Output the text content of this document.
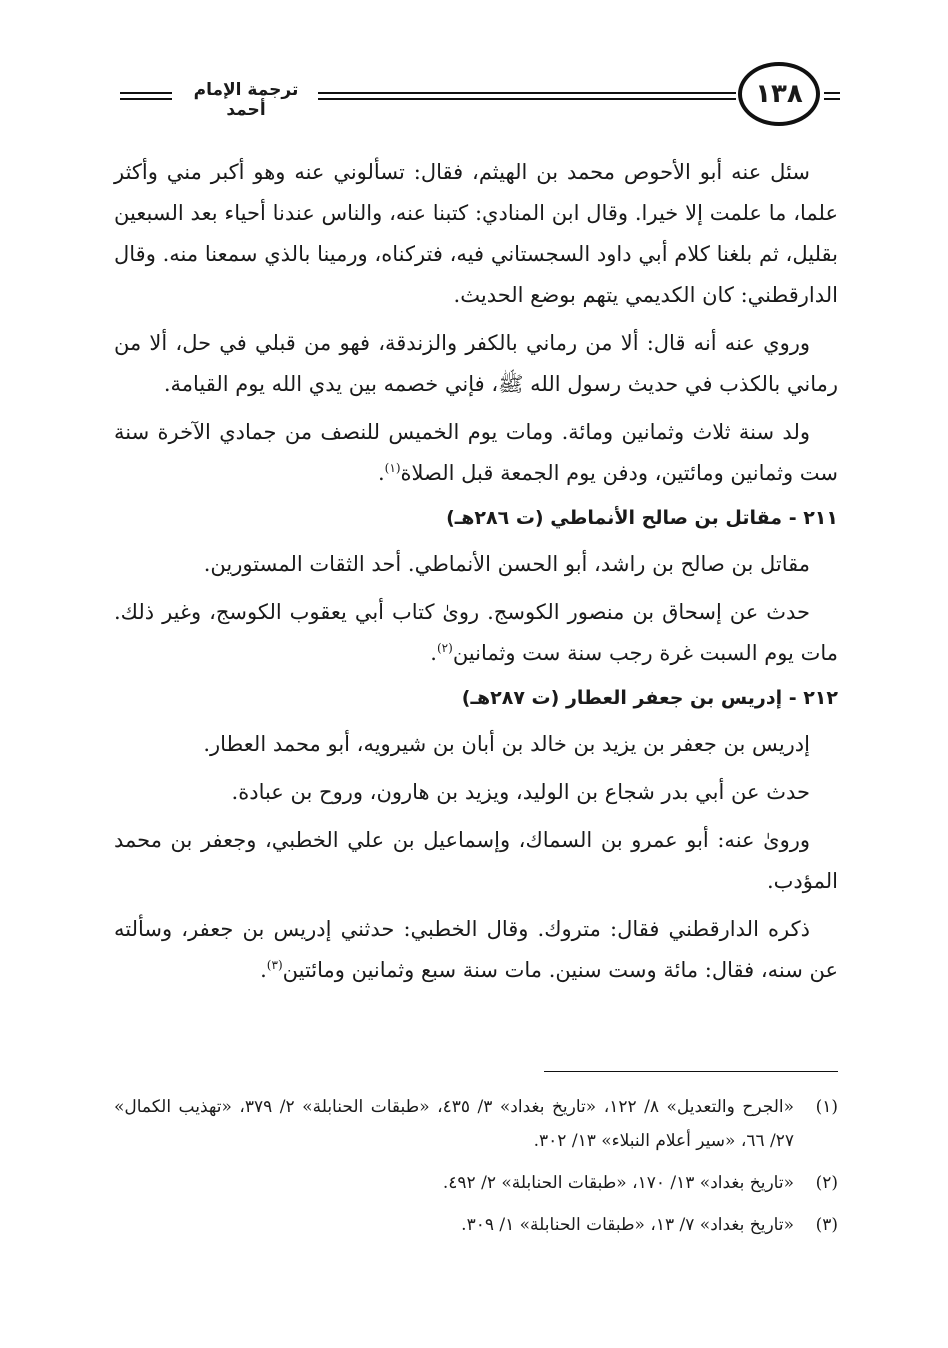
١٣٨
ترجمة الإمام أحمد

سئل عنه أبو الأحوص محمد بن الهيثم، فقال: تسألوني عنه وهو أكبر مني وأكثر علما، ما علمت إلا خيرا. وقال ابن المنادي: كتبنا عنه، والناس عندنا أحياء بعد السبعين بقليل، ثم بلغنا كلام أبي داود السجستاني فيه، فتركناه، ورمينا بالذي سمعنا منه. وقال الدارقطني: كان الكديمي يتهم بوضع الحديث.

وروي عنه أنه قال: ألا من رماني بالكفر والزندقة، فهو من قبلي في حل، ألا من رماني بالكذب في حديث رسول الله ﷺ، فإني خصمه بين يدي الله يوم القيامة.

ولد سنة ثلاث وثمانين ومائة. ومات يوم الخميس للنصف من جمادي الآخرة سنة ست وثمانين ومائتين، ودفن يوم الجمعة قبل الصلاة$^{(١)}$.

٢١١ - مقاتل بن صالح الأنماطي (ت ٢٨٦هـ)

مقاتل بن صالح بن راشد، أبو الحسن الأنماطي. أحد الثقات المستورين.

حدث عن إسحاق بن منصور الكوسج. روىٰ كتاب أبي يعقوب الكوسج، وغير ذلك. مات يوم السبت غرة رجب سنة ست وثمانين$^{(٢)}$.

٢١٢ - إدريس بن جعفر العطار (ت ٢٨٧هـ)

إدريس بن جعفر بن يزيد بن خالد بن أبان بن شيرويه، أبو محمد العطار.

حدث عن أبي بدر شجاع بن الوليد، ويزيد بن هارون، وروح بن عبادة.

وروىٰ عنه: أبو عمرو بن السماك، وإسماعيل بن علي الخطبي، وجعفر بن محمد المؤدب.

ذكره الدارقطني فقال: متروك. وقال الخطبي: حدثني إدريس بن جعفر، وسألته عن سنه، فقال: مائة وست سنين. مات سنة سبع وثمانين ومائتين$^{(٣)}$.

(١)
«الجرح والتعديل» ٨/ ١٢٢، «تاريخ بغداد» ٣/ ٤٣٥، «طبقات الحنابلة» ٢/ ٣٧٩، «تهذيب الكمال» ٢٧/ ٦٦، «سير أعلام النبلاء» ١٣/ ٣٠٢.
(٢)
«تاريخ بغداد» ١٣/ ١٧٠، «طبقات الحنابلة» ٢/ ٤٩٢.
(٣)
«تاريخ بغداد» ٧/ ١٣، «طبقات الحنابلة» ١/ ٣٠٩.
